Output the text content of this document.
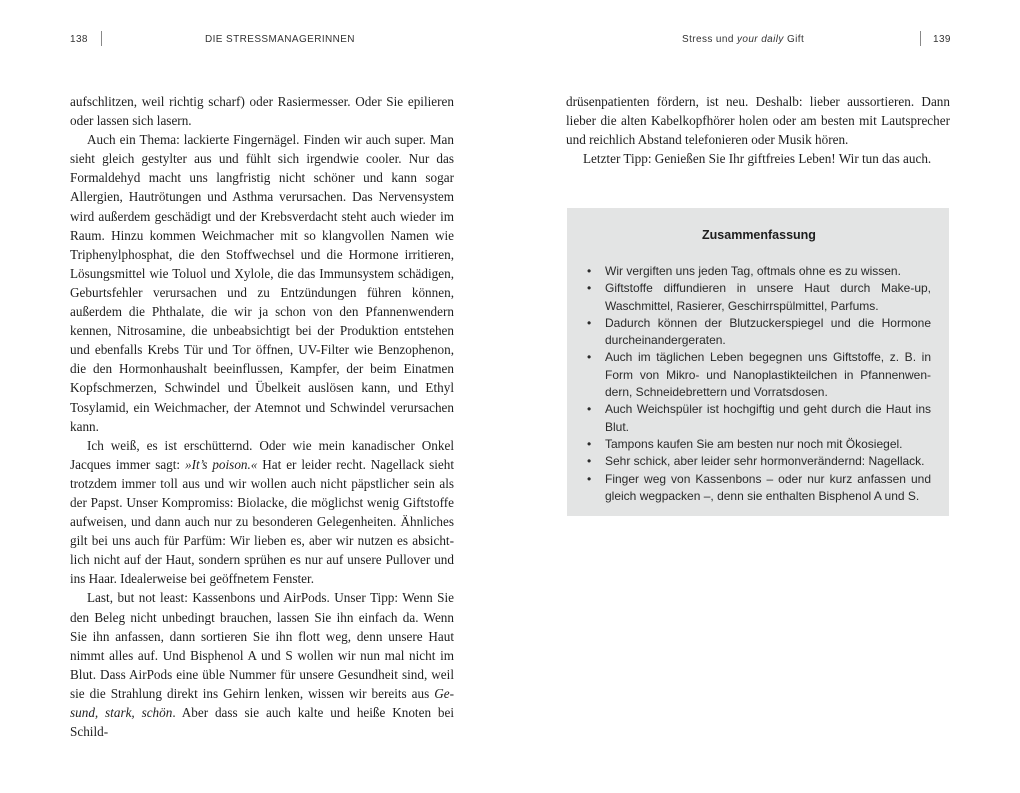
138	DIE STRESSMANAGERINNEN

aufschlitzen, weil richtig scharf) oder Rasiermesser. Oder Sie epilieren oder lassen sich lasern.

Auch ein Thema: lackierte Fingernägel. Finden wir auch super. Man sieht gleich gestylter aus und fühlt sich irgendwie cooler. Nur das Formaldehyd macht uns langfristig nicht schöner und kann sogar Allergien, Hautrötungen und Asthma verursachen. Das Nervensystem wird außerdem geschädigt und der Krebsverdacht steht auch wieder im Raum. Hinzu kommen Weichmacher mit so klangvollen Namen wie Triphenylphosphat, die den Stoffwechsel und die Hormone irritieren, Lösungsmittel wie Toluol und Xylole, die das Immunsystem schädigen, Geburtsfehler verursachen und zu Entzündungen führen können, außerdem die Phthalate, die wir ja schon von den Pfannenwendern kennen, Nitrosamine, die unbeabsichtigt bei der Produktion entstehen und ebenfalls Krebs Tür und Tor öffnen, UV-Filter wie Benzophenon, die den Hormonhaushalt beeinflussen, Kampfer, der beim Einatmen Kopfschmerzen, Schwindel und Übelkeit auslösen kann, und Ethyl Tosylamid, ein Weichmacher, der Atemnot und Schwindel verursachen kann.

Ich weiß, es ist erschütternd. Oder wie mein kanadischer Onkel Jacques immer sagt: »It’s poison.« Hat er leider recht. Nagellack sieht trotzdem immer toll aus und wir wollen auch nicht päpstlicher sein als der Papst. Unser Kompromiss: Biolacke, die möglichst wenig Giftstoffe aufweisen, und dann auch nur zu besonderen Gelegenheiten. Ähnliches gilt bei uns auch für Parfüm: Wir lieben es, aber wir nutzen es absichtlich nicht auf der Haut, sondern sprühen es nur auf unsere Pullover und ins Haar. Idealerweise bei geöffnetem Fenster.

Last, but not least: Kassenbons und AirPods. Unser Tipp: Wenn Sie den Beleg nicht unbedingt brauchen, lassen Sie ihn einfach da. Wenn Sie ihn anfassen, dann sortieren Sie ihn flott weg, denn unsere Haut nimmt alles auf. Und Bisphenol A und S wollen wir nun mal nicht im Blut. Dass AirPods eine üble Nummer für unsere Gesundheit sind, weil sie die Strahlung direkt ins Gehirn lenken, wissen wir bereits aus Gesund, stark, schön. Aber dass sie auch kalte und heiße Knoten bei Schild-

Stress und your daily Gift	139

drüsenpatienten fördern, ist neu. Deshalb: lieber aussortieren. Dann lieber die alten Kabelkopfhörer holen oder am besten mit Lautsprecher und reichlich Abstand telefonieren oder Musik hören.

Letzter Tipp: Genießen Sie Ihr giftfreies Leben! Wir tun das auch.

Zusammenfassung
• Wir vergiften uns jeden Tag, oftmals ohne es zu wissen.
• Giftstoffe diffundieren in unsere Haut durch Make-up, Waschmittel, Rasierer, Geschirrspülmittel, Parfums.
• Dadurch können der Blutzuckerspiegel und die Hormone durcheinandergeraten.
• Auch im täglichen Leben begegnen uns Giftstoffe, z. B. in Form von Mikro- und Nanoplastikteilchen in Pfannenwendern, Schneidebrettern und Vorratsdosen.
• Auch Weichspüler ist hochgiftig und geht durch die Haut ins Blut.
• Tampons kaufen Sie am besten nur noch mit Ökosiegel.
• Sehr schick, aber leider sehr hormonverändernd: Nagellack.
• Finger weg von Kassenbons – oder nur kurz anfassen und gleich wegpacken –, denn sie enthalten Bisphenol A und S.
